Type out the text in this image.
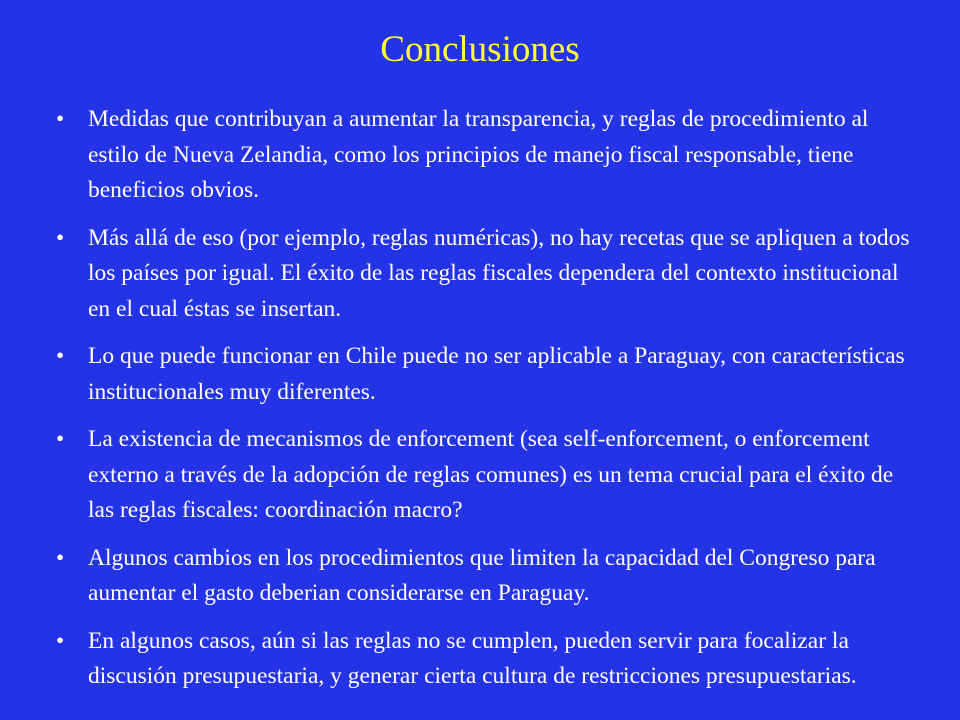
Conclusiones
•	Medidas que contribuyan a aumentar la transparencia, y reglas de procedimiento al estilo de Nueva Zelandia, como los principios de manejo fiscal responsable, tiene beneficios obvios.
•	Más allá de eso (por ejemplo, reglas numéricas), no hay recetas que se apliquen a todos los países por igual. El éxito de las reglas fiscales dependera del contexto institucional en el cual éstas se insertan.
•	Lo que puede funcionar en Chile puede no ser aplicable a Paraguay, con características institucionales muy diferentes.
•	La existencia de mecanismos de enforcement (sea self-enforcement, o enforcement externo a través de la adopción de reglas comunes) es un tema crucial para el éxito de las reglas fiscales: coordinación macro?
•	Algunos cambios en los procedimientos que limiten la capacidad del Congreso para aumentar el gasto deberian considerarse en Paraguay.
•	En algunos casos, aún si las reglas no se cumplen, pueden servir para focalizar la discusión presupuestaria, y generar cierta cultura de restricciones presupuestarias.
